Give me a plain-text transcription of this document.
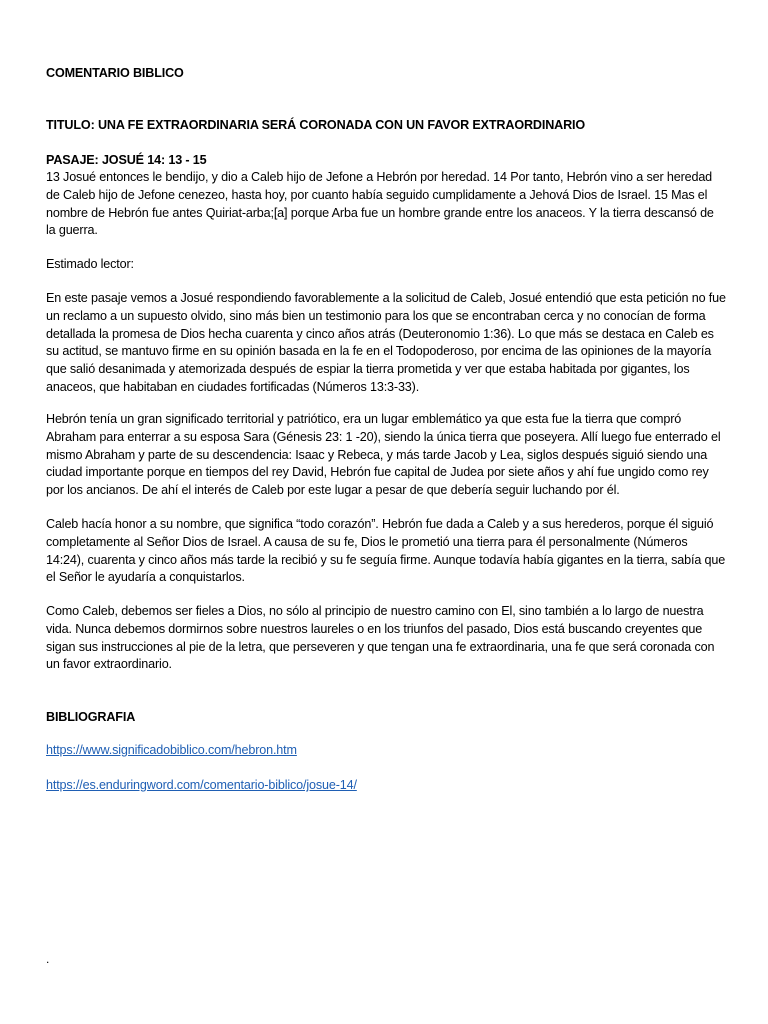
COMENTARIO BIBLICO
TITULO: UNA FE EXTRAORDINARIA SERÁ CORONADA CON UN FAVOR EXTRAORDINARIO
PASAJE: JOSUÉ 14: 13 - 15
13 Josué entonces le bendijo, y dio a Caleb hijo de Jefone a Hebrón por heredad. 14 Por tanto, Hebrón vino a ser heredad de Caleb hijo de Jefone cenezeo, hasta hoy, por cuanto había seguido cumplidamente a Jehová Dios de Israel. 15 Mas el nombre de Hebrón fue antes Quiriat-arba;[a] porque Arba fue un hombre grande entre los anaceos. Y la tierra descansó de la guerra.
Estimado lector:
En este pasaje vemos a Josué respondiendo favorablemente a la solicitud de Caleb, Josué entendió que esta petición no fue un reclamo a un supuesto olvido, sino más bien un testimonio para los que se encontraban cerca y no conocían de forma detallada la promesa de Dios hecha cuarenta y cinco años atrás (Deuteronomio 1:36). Lo que más se destaca en Caleb es su actitud, se mantuvo firme en su opinión basada en la fe en el Todopoderoso, por encima de las opiniones de la mayoría que salió desanimada y atemorizada después de espiar la tierra prometida y ver que estaba habitada por gigantes, los anaceos, que habitaban en ciudades fortificadas (Números 13:3-33).
Hebrón tenía un gran significado territorial y patriótico, era un lugar emblemático ya que esta fue la tierra que compró Abraham para enterrar a su esposa Sara (Génesis 23: 1 -20), siendo la única tierra que poseyera. Allí luego fue enterrado el mismo Abraham y parte de su descendencia: Isaac y Rebeca, y más tarde Jacob y Lea, siglos después siguió siendo una ciudad importante porque en tiempos del rey David, Hebrón fue capital de Judea por siete años y ahí fue ungido como rey por los ancianos. De ahí el interés de Caleb por este lugar a pesar de que debería seguir luchando por él.
Caleb hacía honor a su nombre, que significa “todo corazón”. Hebrón fue dada a Caleb y a sus herederos, porque él siguió completamente al Señor Dios de Israel. A causa de su fe, Dios le prometió una tierra para él personalmente (Números 14:24), cuarenta y cinco años más tarde la recibió y su fe seguía firme. Aunque todavía había gigantes en la tierra, sabía que el Señor le ayudaría a conquistarlos.
Como Caleb, debemos ser fieles a Dios, no sólo al principio de nuestro camino con El, sino también a lo largo de nuestra vida. Nunca debemos dormirnos sobre nuestros laureles o en los triunfos del pasado, Dios está buscando creyentes que sigan sus instrucciones al pie de la letra, que perseveren y que tengan una fe extraordinaria, una fe que será coronada con un favor extraordinario.
BIBLIOGRAFIA
https://www.significadobiblico.com/hebron.htm
https://es.enduringword.com/comentario-biblico/josue-14/
.
